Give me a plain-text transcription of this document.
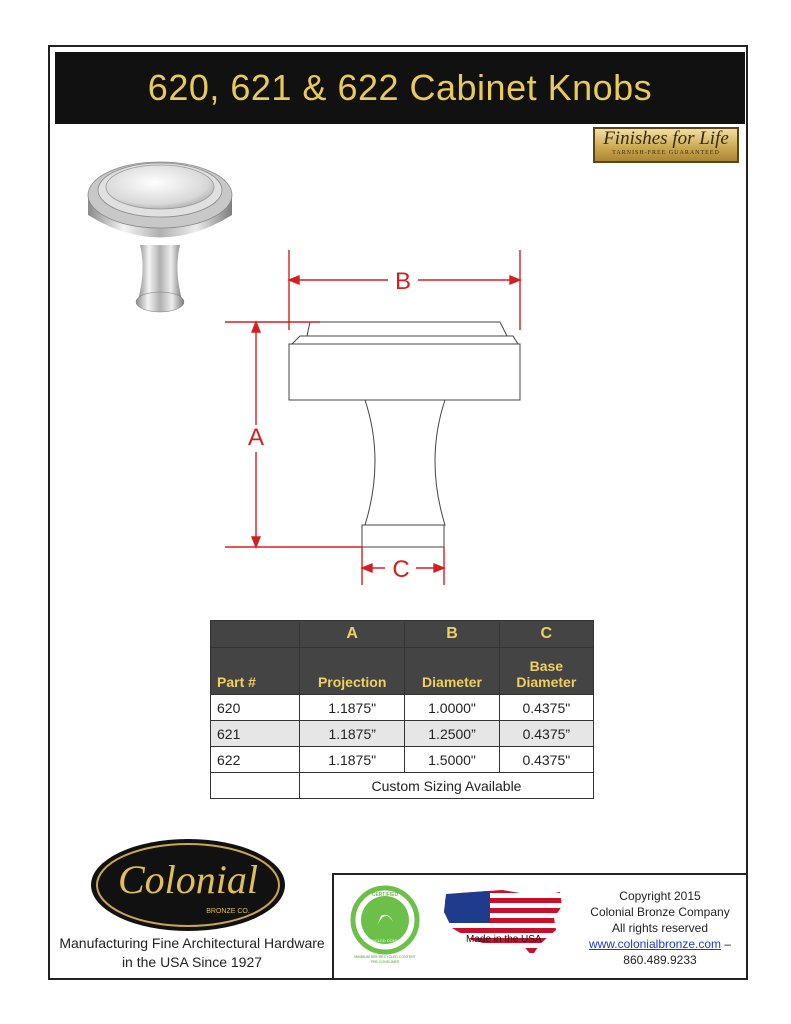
620, 621 & 622 Cabinet Knobs
Finishes for Life
TARNISH-FREE GUARANTEED
B
A
C
	A	B	C
Part #	Projection	Diameter	Base
Diameter
620	1.1875"	1.0000"	0.4375"
621	1.1875”	1.2500”	0.4375”
622	1.1875"	1.5000"	0.4375"
	Custom Sizing Available		
Colonial
BRONZE CO.
Manufacturing Fine Architectural Hardware
in the USA Since 1927
CERTIFIED
RECYCLED CONTENT
MINIMUM 50% RECYCLED CONTENT
PRE-CONSUMER
Made in the USA
Copyright 2015
Colonial Bronze Company
All rights reserved
www.colonialbronze.com –
860.489.9233
